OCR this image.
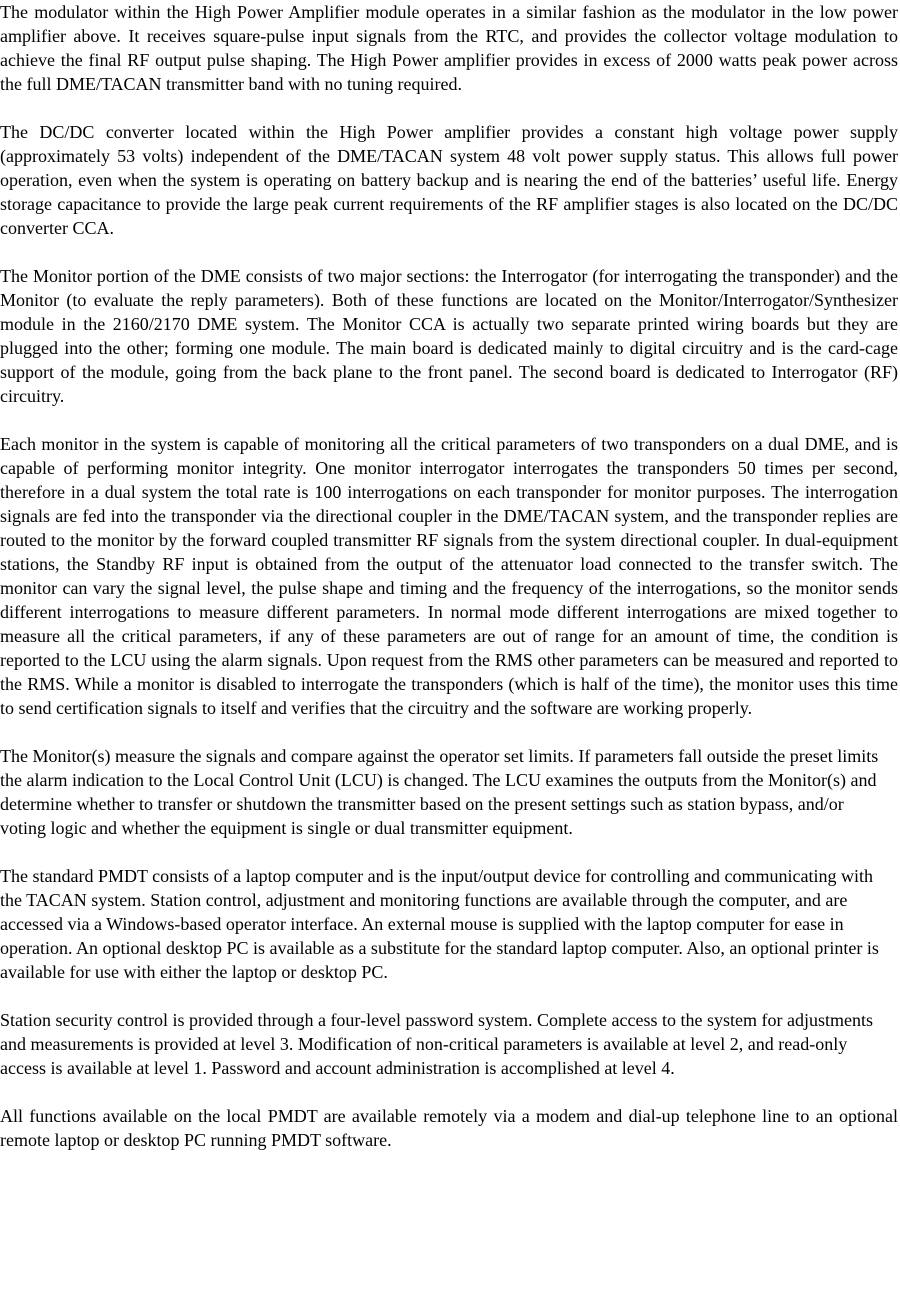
The modulator within the High Power Amplifier module operates in a similar fashion as the modulator in the low power amplifier above. It receives square-pulse input signals from the RTC, and provides the collector voltage modulation to achieve the final RF output pulse shaping. The High Power amplifier provides in excess of 2000 watts peak power across the full DME/TACAN transmitter band with no tuning required.

The DC/DC converter located within the High Power amplifier provides a constant high voltage power supply (approximately 53 volts) independent of the DME/TACAN system 48 volt power supply status. This allows full power operation, even when the system is operating on battery backup and is nearing the end of the batteries’ useful life. Energy storage capacitance to provide the large peak current requirements of the RF amplifier stages is also located on the DC/DC converter CCA.

The Monitor portion of the DME consists of two major sections: the Interrogator (for interrogating the transponder) and the Monitor (to evaluate the reply parameters). Both of these functions are located on the Monitor/Interrogator/Synthesizer module in the 2160/2170 DME system. The Monitor CCA is actually two separate printed wiring boards but they are plugged into the other; forming one module. The main board is dedicated mainly to digital circuitry and is the card-cage support of the module, going from the back plane to the front panel. The second board is dedicated to Interrogator (RF) circuitry.

Each monitor in the system is capable of monitoring all the critical parameters of two transponders on a dual DME, and is capable of performing monitor integrity. One monitor interrogator interrogates the transponders 50 times per second, therefore in a dual system the total rate is 100 interrogations on each transponder for monitor purposes. The interrogation signals are fed into the transponder via the directional coupler in the DME/TACAN system, and the transponder replies are routed to the monitor by the forward coupled transmitter RF signals from the system directional coupler. In dual-equipment stations, the Standby RF input is obtained from the output of the attenuator load connected to the transfer switch. The monitor can vary the signal level, the pulse shape and timing and the frequency of the interrogations, so the monitor sends different interrogations to measure different parameters. In normal mode different interrogations are mixed together to measure all the critical parameters, if any of these parameters are out of range for an amount of time, the condition is reported to the LCU using the alarm signals. Upon request from the RMS other parameters can be measured and reported to the RMS. While a monitor is disabled to interrogate the transponders (which is half of the time), the monitor uses this time to send certification signals to itself and verifies that the circuitry and the software are working properly.

The Monitor(s) measure the signals and compare against the operator set limits. If parameters fall outside the preset limits the alarm indication to the Local Control Unit (LCU) is changed. The LCU examines the outputs from the Monitor(s) and determine whether to transfer or shutdown the transmitter based on the present settings such as station bypass, and/or voting logic and whether the equipment is single or dual transmitter equipment.

The standard PMDT consists of a laptop computer and is the input/output device for controlling and communicating with the TACAN system. Station control, adjustment and monitoring functions are available through the computer, and are accessed via a Windows-based operator interface. An external mouse is supplied with the laptop computer for ease in operation. An optional desktop PC is available as a substitute for the standard laptop computer. Also, an optional printer is available for use with either the laptop or desktop PC.

Station security control is provided through a four-level password system. Complete access to the system for adjustments and measurements is provided at level 3. Modification of non-critical parameters is available at level 2, and read-only access is available at level 1. Password and account administration is accomplished at level 4.

All functions available on the local PMDT are available remotely via a modem and dial-up telephone line to an optional remote laptop or desktop PC running PMDT software.
